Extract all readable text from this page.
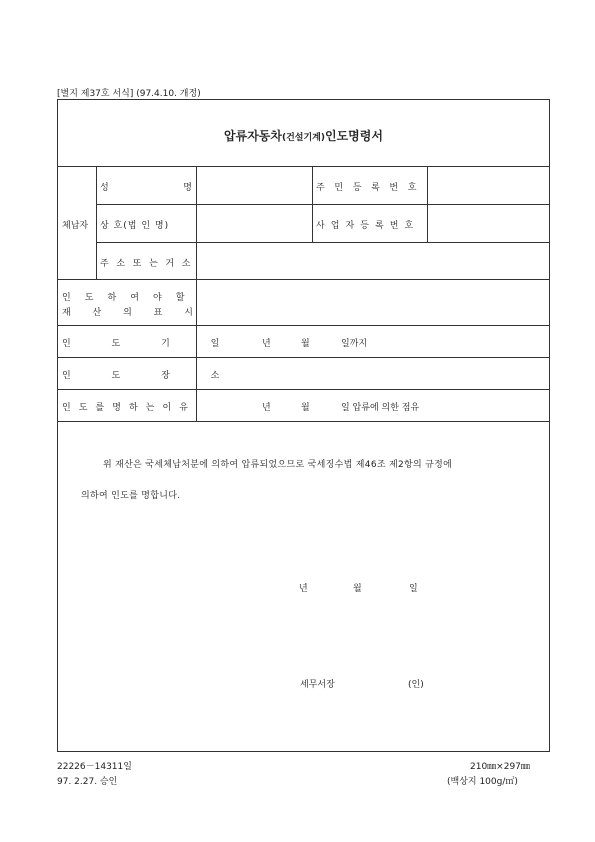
[별지 제37호 서식] (97.4.10. 개정)
압류자동차(건설기계)인도명령서
체납자
성	명	주 민 등 록 번 호
상 호(법 인 명)	사 업 자 등 록 번 호
주 소 또 는 거 소
인 도 하 여 야 할
재 산 의 표 시
인 도 기 일	년	월	일까지
인 도 장 소
인 도 를 명 하 는 이 유	년	월	일 압류에 의한 점유
위 재산은 국세체납처분에 의하여 압류되었으므로 국세징수법 제46조 제2항의 규정에
의하여 인도를 명합니다.
년	월	일
세무서장	(인)
22226－14311일
97. 2.27. 승인
210㎜×297㎜
(백상지 100g/㎡)
